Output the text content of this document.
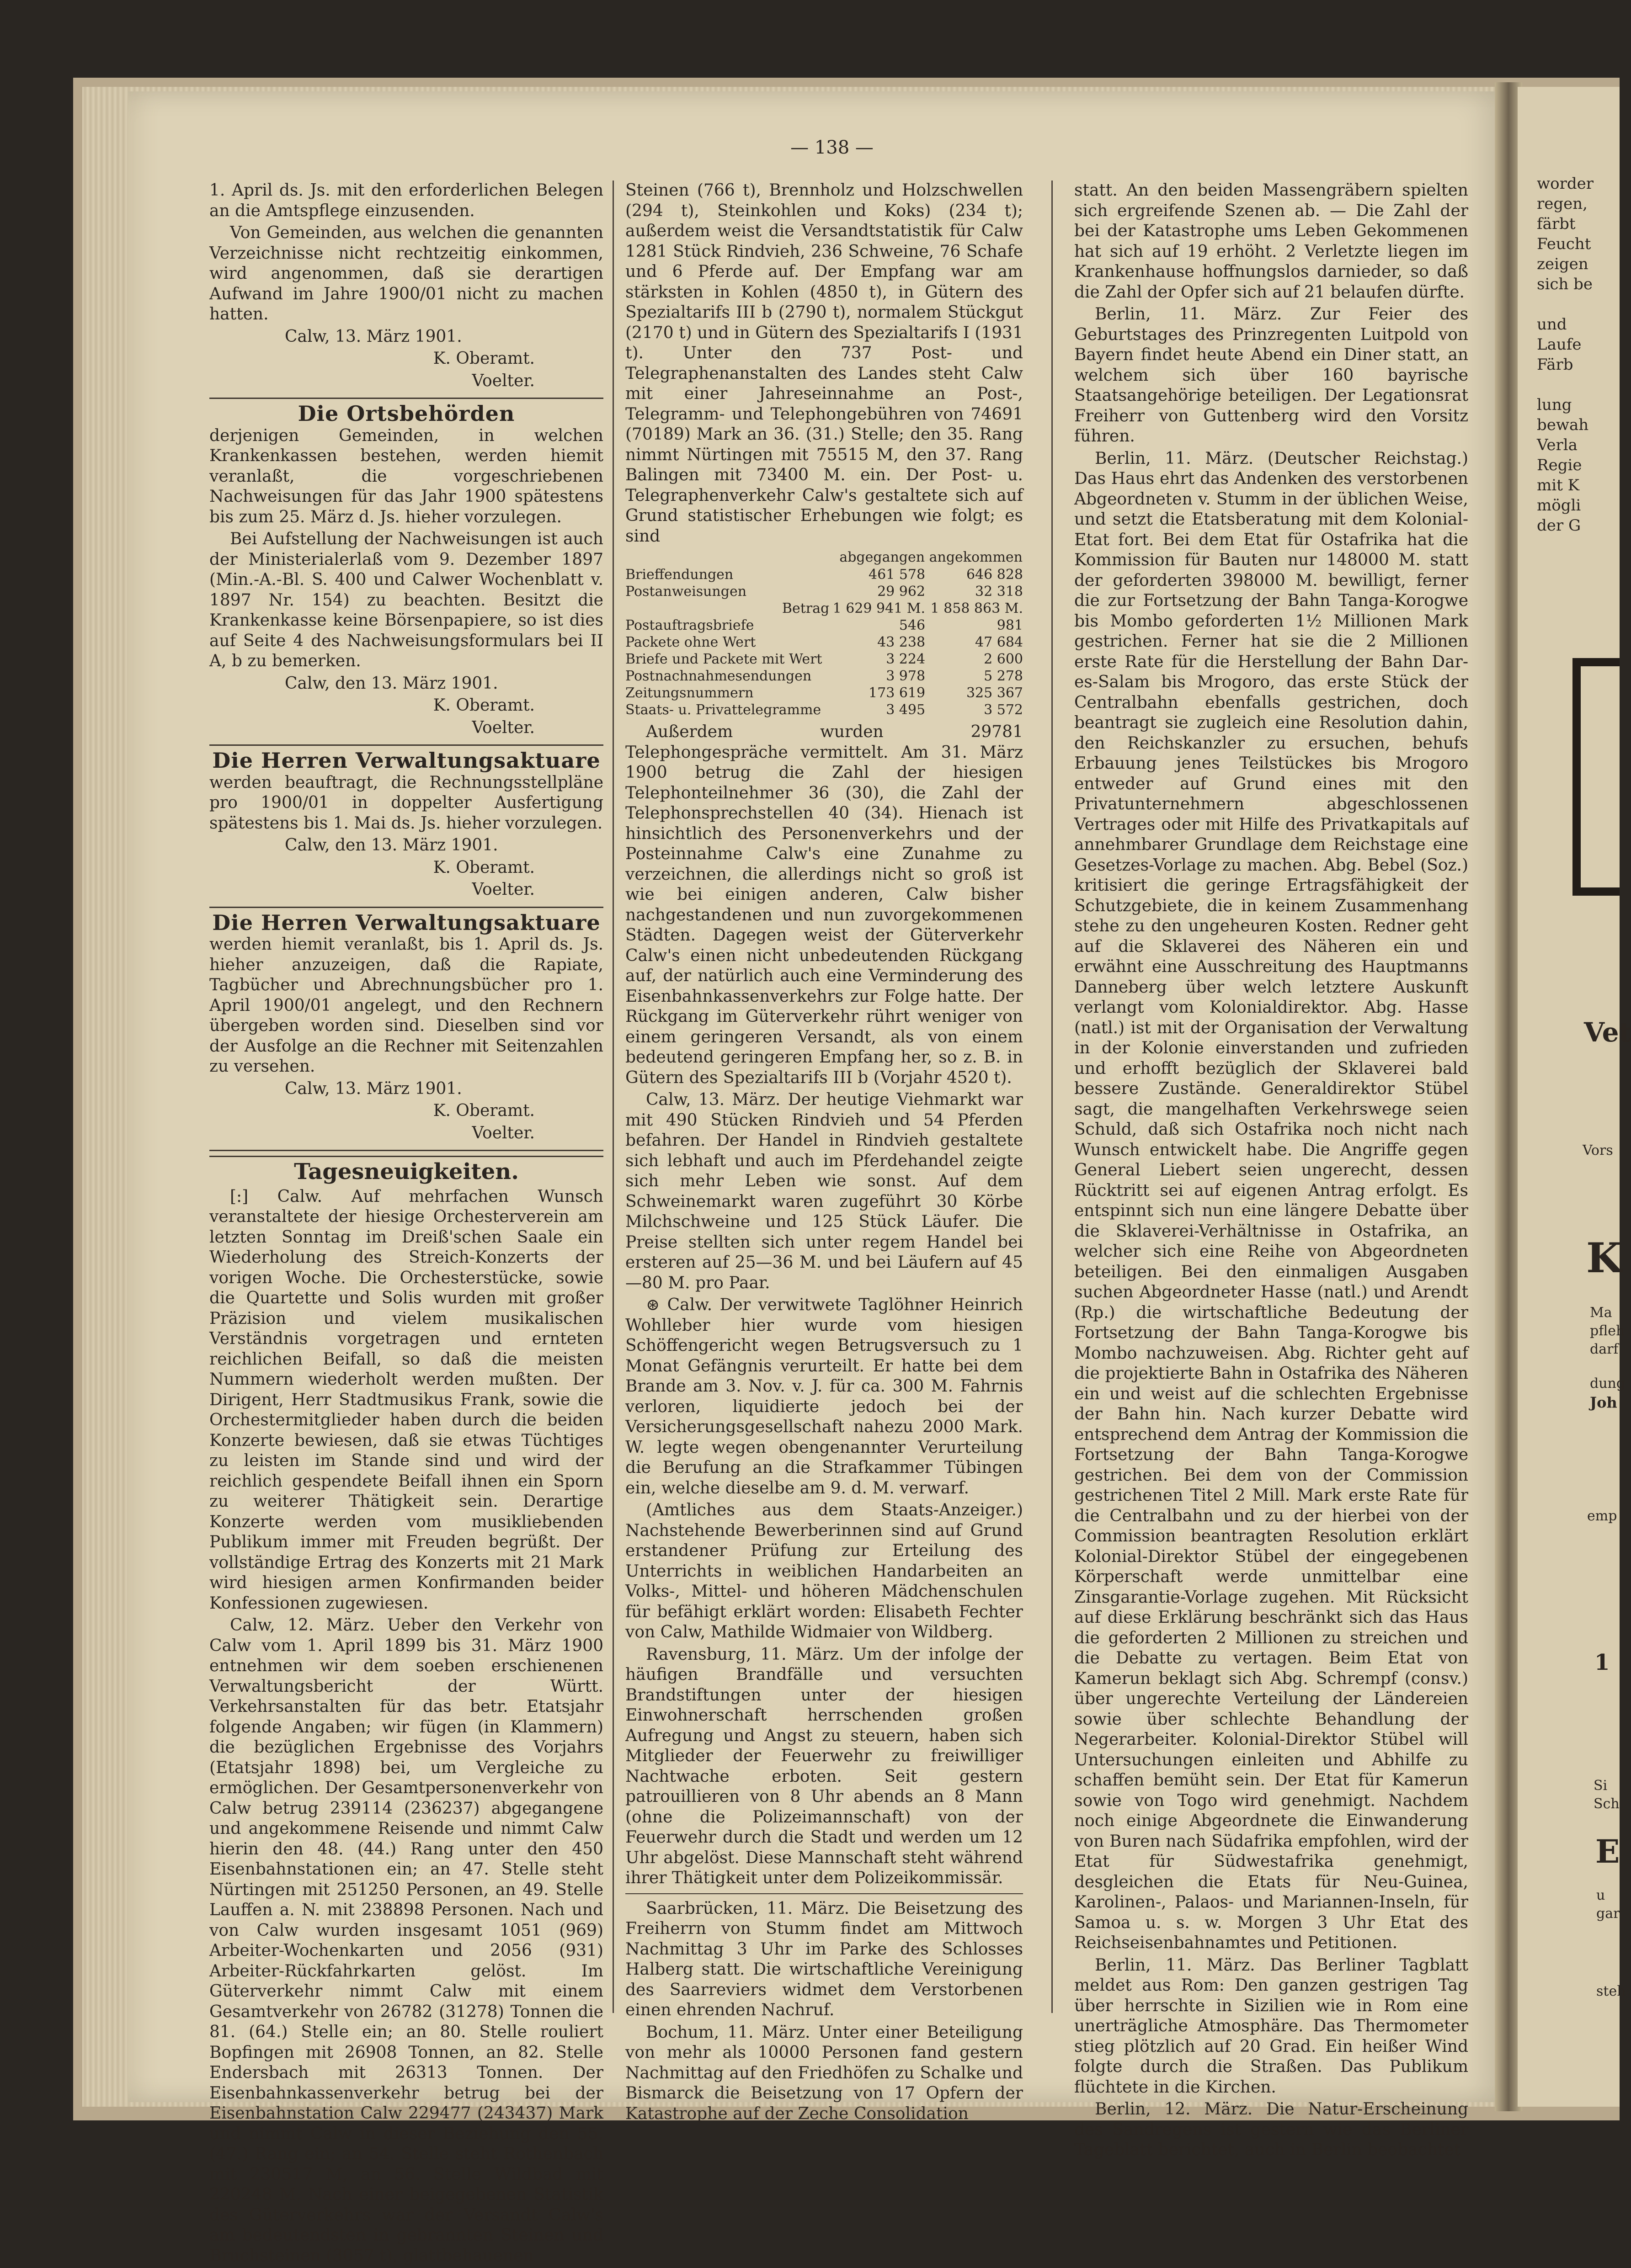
— 138 —

1. April ds. Js. mit den erforderlichen Belegen an die Amtspflege einzusenden.

Von Gemeinden, aus welchen die genannten Verzeichnisse nicht rechtzeitig einkommen, wird angenommen, daß sie derartigen Aufwand im Jahre 1900/01 nicht zu machen hatten.

Calw, 13. März 1901.

K. Oberamt.

Voelter.

Die Ortsbehörden

derjenigen Gemeinden, in welchen Krankenkassen bestehen, werden hiemit veranlaßt, die vorgeschriebenen Nachweisungen für das Jahr 1900 spätestens bis zum 25. März d. Js. hieher vorzulegen.

Bei Aufstellung der Nachweisungen ist auch der Ministerialerlaß vom 9. Dezember 1897 (Min.-A.-Bl. S. 400 und Calwer Wochenblatt v. 1897 Nr. 154) zu beachten. Besitzt die Krankenkasse keine Börsenpapiere, so ist dies auf Seite 4 des Nachweisungsformulars bei II A, b zu bemerken.

Calw, den 13. März 1901.

K. Oberamt.

Voelter.

Die Herren Verwaltungsaktuare

werden beauftragt, die Rechnungsstellpläne pro 1900/01 in doppelter Ausfertigung spätestens bis 1. Mai ds. Js. hieher vorzulegen.

Calw, den 13. März 1901.

K. Oberamt.

Voelter.

Die Herren Verwaltungsaktuare

werden hiemit veranlaßt, bis 1. April ds. Js. hieher anzuzeigen, daß die Rapiate, Tagbücher und Abrechnungsbücher pro 1. April 1900/01 angelegt, und den Rechnern übergeben worden sind. Dieselben sind vor der Ausfolge an die Rechner mit Seitenzahlen zu versehen.

Calw, 13. März 1901.

K. Oberamt.

Voelter.

Tagesneuigkeiten.

[:] Calw. Auf mehrfachen Wunsch veranstaltete der hiesige Orchesterverein am letzten Sonntag im Dreiß'schen Saale ein Wiederholung des Streich-Konzerts der vorigen Woche. Die Orchesterstücke, sowie die Quartette und Solis wurden mit großer Präzision und vielem musikalischen Verständnis vorgetragen und ernteten reichlichen Beifall, so daß die meisten Nummern wiederholt werden mußten. Der Dirigent, Herr Stadtmusikus Frank, sowie die Orchestermitglieder haben durch die beiden Konzerte bewiesen, daß sie etwas Tüchtiges zu leisten im Stande sind und wird der reichlich gespendete Beifall ihnen ein Sporn zu weiterer Thätigkeit sein. Derartige Konzerte werden vom musikliebenden Publikum immer mit Freuden begrüßt. Der vollständige Ertrag des Konzerts mit 21 Mark wird hiesigen armen Konfirmanden beider Konfessionen zugewiesen.

Calw, 12. März. Ueber den Verkehr von Calw vom 1. April 1899 bis 31. März 1900 entnehmen wir dem soeben erschienenen Verwaltungsbericht der Württ. Verkehrsanstalten für das betr. Etatsjahr folgende Angaben; wir fügen (in Klammern) die bezüglichen Ergebnisse des Vorjahrs (Etatsjahr 1898) bei, um Vergleiche zu ermöglichen. Der Gesamtpersonenverkehr von Calw betrug 239114 (236237) abgegangene und angekommene Reisende und nimmt Calw hierin den 48. (44.) Rang unter den 450 Eisenbahnstationen ein; an 47. Stelle steht Nürtingen mit 251250 Personen, an 49. Stelle Lauffen a. N. mit 238898 Personen. Nach und von Calw wurden insgesamt 1051 (969) Arbeiter-Wochenkarten und 2056 (931) Arbeiter-Rückfahrkarten gelöst. Im Güterverkehr nimmt Calw mit einem Gesamtverkehr von 26782 (31278) Tonnen die 81. (64.) Stelle ein; an 80. Stelle rouliert Bopfingen mit 26908 Tonnen, an 82. Stelle Endersbach mit 26313 Tonnen. Der Eisenbahnkassenverkehr betrug bei der Eisenbahnstation Calw 229477 (243437) Mark und nimmt Calw in dieser Beziehung den 55. (47.) Rang ein; an 54. Stelle steht Rothenbach mit 230517 M, an 56. Stelle Wildbad mit 220248 M. Nach einer beigegebenen Statistik des Güterverkehrs war der Versandt Calw's am bedeutendsten in gebrannten Steinen und Bruchsteinen (3057 t), glattbehauenen

Steinen (766 t), Brennholz und Holzschwellen (294 t), Steinkohlen und Koks) (234 t); außerdem weist die Versandtstatistik für Calw 1281 Stück Rindvieh, 236 Schweine, 76 Schafe und 6 Pferde auf. Der Empfang war am stärksten in Kohlen (4850 t), in Gütern des Spezialtarifs III b (2790 t), normalem Stückgut (2170 t) und in Gütern des Spezialtarifs I (1931 t). Unter den 737 Post- und Telegraphenanstalten des Landes steht Calw mit einer Jahreseinnahme an Post-, Telegramm- und Telephongebühren von 74691 (70189) Mark an 36. (31.) Stelle; den 35. Rang nimmt Nürtingen mit 75515 M, den 37. Rang Balingen mit 73400 M. ein. Der Post- u. Telegraphenverkehr Calw's gestaltete sich auf Grund statistischer Erhebungen wie folgt; es sind

	abgegangen	angekommen
Brieffendungen	461 578	646 828
Postanweisungen	29 962	32 318
Betrag	1 629 941 M.	1 858 863 M.
Postauftragsbriefe	546	981
Packete ohne Wert	43 238	47 684
Briefe und Packete mit Wert	3 224	2 600
Postnachnahmesendungen	3 978	5 278
Zeitungsnummern	173 619	325 367
Staats- u. Privattelegramme	3 495	3 572

Außerdem wurden 29781 Telephongespräche vermittelt. Am 31. März 1900 betrug die Zahl der hiesigen Telephonteilnehmer 36 (30), die Zahl der Telephonsprechstellen 40 (34). Hienach ist hinsichtlich des Personenverkehrs und der Posteinnahme Calw's eine Zunahme zu verzeichnen, die allerdings nicht so groß ist wie bei einigen anderen, Calw bisher nachgestandenen und nun zuvorgekommenen Städten. Dagegen weist der Güterverkehr Calw's einen nicht unbedeutenden Rückgang auf, der natürlich auch eine Verminderung des Eisenbahnkassenverkehrs zur Folge hatte. Der Rückgang im Güterverkehr rührt weniger von einem geringeren Versandt, als von einem bedeutend geringeren Empfang her, so z. B. in Gütern des Spezialtarifs III b (Vorjahr 4520 t).

Calw, 13. März. Der heutige Viehmarkt war mit 490 Stücken Rindvieh und 54 Pferden befahren. Der Handel in Rindvieh gestaltete sich lebhaft und auch im Pferdehandel zeigte sich mehr Leben wie sonst. Auf dem Schweinemarkt waren zugeführt 30 Körbe Milchschweine und 125 Stück Läufer. Die Preise stellten sich unter regem Handel bei ersteren auf 25—36 M. und bei Läufern auf 45—80 M. pro Paar.

⊛ Calw. Der verwitwete Taglöhner Heinrich Wohlleber hier wurde vom hiesigen Schöffengericht wegen Betrugsversuch zu 1 Monat Gefängnis verurteilt. Er hatte bei dem Brande am 3. Nov. v. J. für ca. 300 M. Fahrnis verloren, liquidierte jedoch bei der Versicherungsgesellschaft nahezu 2000 Mark. W. legte wegen obengenannter Verurteilung die Berufung an die Strafkammer Tübingen ein, welche dieselbe am 9. d. M. verwarf.

(Amtliches aus dem Staats-Anzeiger.) Nachstehende Bewerberinnen sind auf Grund erstandener Prüfung zur Erteilung des Unterrichts in weiblichen Handarbeiten an Volks-, Mittel- und höheren Mädchenschulen für befähigt erklärt worden: Elisabeth Fechter von Calw, Mathilde Widmaier von Wildberg.

Ravensburg, 11. März. Um der infolge der häufigen Brandfälle und versuchten Brandstiftungen unter der hiesigen Einwohnerschaft herrschenden großen Aufregung und Angst zu steuern, haben sich Mitglieder der Feuerwehr zu freiwilliger Nachtwache erboten. Seit gestern patrouillieren von 8 Uhr abends an 8 Mann (ohne die Polizeimannschaft) von der Feuerwehr durch die Stadt und werden um 12 Uhr abgelöst. Diese Mannschaft steht während ihrer Thätigkeit unter dem Polizeikommissär.

Saarbrücken, 11. März. Die Beisetzung des Freiherrn von Stumm findet am Mittwoch Nachmittag 3 Uhr im Parke des Schlosses Halberg statt. Die wirtschaftliche Vereinigung des Saarreviers widmet dem Verstorbenen einen ehrenden Nachruf.

Bochum, 11. März. Unter einer Beteiligung von mehr als 10000 Personen fand gestern Nachmittag auf den Friedhöfen zu Schalke und Bismarck die Beisetzung von 17 Opfern der Katastrophe auf der Zeche Consolidation

statt. An den beiden Massengräbern spielten sich ergreifende Szenen ab. — Die Zahl der bei der Katastrophe ums Leben Gekommenen hat sich auf 19 erhöht. 2 Verletzte liegen im Krankenhause hoffnungslos darnieder, so daß die Zahl der Opfer sich auf 21 belaufen dürfte.

Berlin, 11. März. Zur Feier des Geburtstages des Prinzregenten Luitpold von Bayern findet heute Abend ein Diner statt, an welchem sich über 160 bayrische Staatsangehörige beteiligen. Der Legationsrat Freiherr von Guttenberg wird den Vorsitz führen.

Berlin, 11. März. (Deutscher Reichstag.) Das Haus ehrt das Andenken des verstorbenen Abgeordneten v. Stumm in der üblichen Weise, und setzt die Etatsberatung mit dem Kolonial-Etat fort. Bei dem Etat für Ostafrika hat die Kommission für Bauten nur 148000 M. statt der geforderten 398000 M. bewilligt, ferner die zur Fortsetzung der Bahn Tanga-Korogwe bis Mombo geforderten 1½ Millionen Mark gestrichen. Ferner hat sie die 2 Millionen erste Rate für die Herstellung der Bahn Dar-es-Salam bis Mrogoro, das erste Stück der Centralbahn ebenfalls gestrichen, doch beantragt sie zugleich eine Resolution dahin, den Reichskanzler zu ersuchen, behufs Erbauung jenes Teilstückes bis Mrogoro entweder auf Grund eines mit den Privatunternehmern abgeschlossenen Vertrages oder mit Hilfe des Privatkapitals auf annehmbarer Grundlage dem Reichstage eine Gesetzes-Vorlage zu machen. Abg. Bebel (Soz.) kritisiert die geringe Ertragsfähigkeit der Schutzgebiete, die in keinem Zusammenhang stehe zu den ungeheuren Kosten. Redner geht auf die Sklaverei des Näheren ein und erwähnt eine Ausschreitung des Hauptmanns Danneberg über welch letztere Auskunft verlangt vom Kolonialdirektor. Abg. Hasse (natl.) ist mit der Organisation der Verwaltung in der Kolonie einverstanden und zufrieden und erhofft bezüglich der Sklaverei bald bessere Zustände. Generaldirektor Stübel sagt, die mangelhaften Verkehrswege seien Schuld, daß sich Ostafrika noch nicht nach Wunsch entwickelt habe. Die Angriffe gegen General Liebert seien ungerecht, dessen Rücktritt sei auf eigenen Antrag erfolgt. Es entspinnt sich nun eine längere Debatte über die Sklaverei-Verhältnisse in Ostafrika, an welcher sich eine Reihe von Abgeordneten beteiligen. Bei den einmaligen Ausgaben suchen Abgeordneter Hasse (natl.) und Arendt (Rp.) die wirtschaftliche Bedeutung der Fortsetzung der Bahn Tanga-Korogwe bis Mombo nachzuweisen. Abg. Richter geht auf die projektierte Bahn in Ostafrika des Näheren ein und weist auf die schlechten Ergebnisse der Bahn hin. Nach kurzer Debatte wird entsprechend dem Antrag der Kommission die Fortsetzung der Bahn Tanga-Korogwe gestrichen. Bei dem von der Commission gestrichenen Titel 2 Mill. Mark erste Rate für die Centralbahn und zu der hierbei von der Commission beantragten Resolution erklärt Kolonial-Direktor Stübel der eingegebenen Körperschaft werde unmittelbar eine Zinsgarantie-Vorlage zugehen. Mit Rücksicht auf diese Erklärung beschränkt sich das Haus die geforderten 2 Millionen zu streichen und die Debatte zu vertagen. Beim Etat von Kamerun beklagt sich Abg. Schrempf (consv.) über ungerechte Verteilung der Ländereien sowie über schlechte Behandlung der Negerarbeiter. Kolonial-Direktor Stübel will Untersuchungen einleiten und Abhilfe zu schaffen bemüht sein. Der Etat für Kamerun sowie von Togo wird genehmigt. Nachdem noch einige Abgeordnete die Einwanderung von Buren nach Südafrika empfohlen, wird der Etat für Südwestafrika genehmigt, desgleichen die Etats für Neu-Guinea, Karolinen-, Palaos- und Mariannen-Inseln, für Samoa u. s. w. Morgen 3 Uhr Etat des Reichseisenbahnamtes und Petitionen.

Berlin, 11. März. Das Berliner Tagblatt meldet aus Rom: Den ganzen gestrigen Tag über herrschte in Sizilien wie in Rom eine unerträgliche Atmosphäre. Das Thermometer stieg plötzlich auf 20 Grad. Ein heißer Wind folgte durch die Straßen. Das Publikum flüchtete in die Kirchen.

Berlin, 12. März. Die Natur-Erscheinung des Sandregens ist gestern wie das Berliner Tageblatt berichtet, auch in Berlin beobachtet

worder
regen,
färbt
Feucht
zeigen
sich be
und
Laufe
Färb
lung
bewah
Verla
Regie
mit K
mögli
der G
Vet
Vors
K
Ma
pfleh
darf
dung
Joh
emp
1
Si
Sch
E
u
gar
steh
